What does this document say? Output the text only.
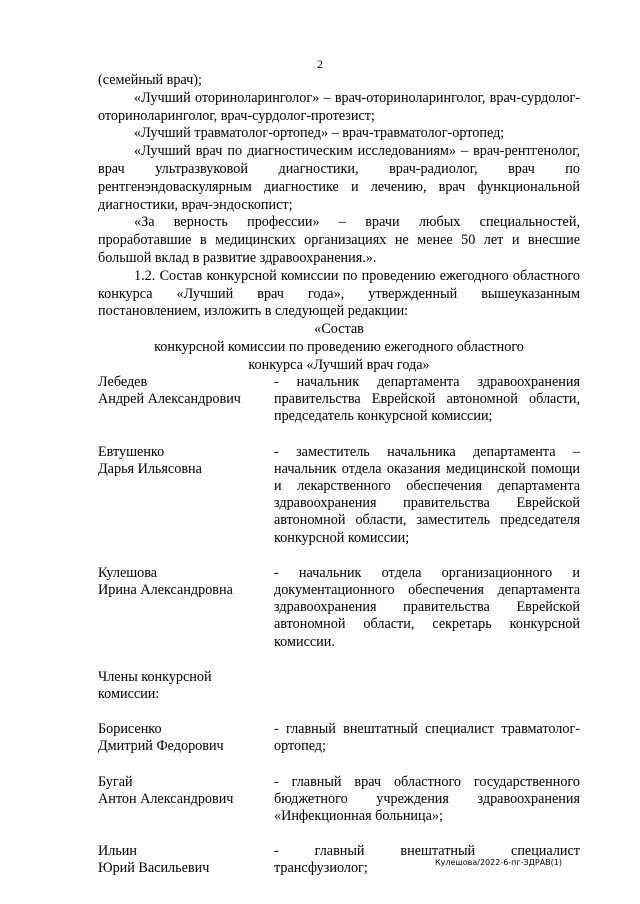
2

(семейный врач);

«Лучший оториноларинголог» – врач-оториноларинголог, врач-сурдолог-оториноларинголог, врач-сурдолог-протезист;

«Лучший травматолог-ортопед» – врач-травматолог-ортопед;

«Лучший врач по диагностическим исследованиям» – врач-рентгенолог, врач ультразвуковой диагностики, врач-радиолог, врач по рентгенэндоваскулярным диагностике и лечению, врач функциональной диагностики, врач-эндоскопист;

«За верность профессии» – врачи любых специальностей, проработавшие в медицинских организациях не менее 50 лет и внесшие большой вклад в развитие здравоохранения.».

1.2. Состав конкурсной комиссии по проведению ежегодного областного конкурса «Лучший врач года», утвержденный вышеуказанным постановлением, изложить в следующей редакции:

«Состав
конкурсной комиссии по проведению ежегодного областного
конкурса «Лучший врач года»
Лебедев
Андрей Александрович
- начальник департамента здравоохранения правительства Еврейской автономной области, председатель конкурсной комиссии;
Евтушенко
Дарья Ильясовна
- заместитель начальника департамента – начальник отдела оказания медицинской помощи и лекарственного обеспечения департамента здравоохранения правительства Еврейской автономной области, заместитель председателя конкурсной комиссии;
Кулешова
Ирина Александровна
- начальник отдела организационного и документационного обеспечения департамента здравоохранения правительства Еврейской автономной области, секретарь конкурсной комиссии.
Члены конкурсной
комиссии:
Борисенко
Дмитрий Федорович
- главный внештатный специалист травматолог-ортопед;
Бугай
Антон Александрович
- главный врач областного государственного бюджетного учреждения здравоохранения «Инфекционная больница»;
Ильин
Юрий Васильевич
- главный внештатный специалист трансфузиолог;	Кулешова/2022-6-пг-ЗДРАВ(1)
